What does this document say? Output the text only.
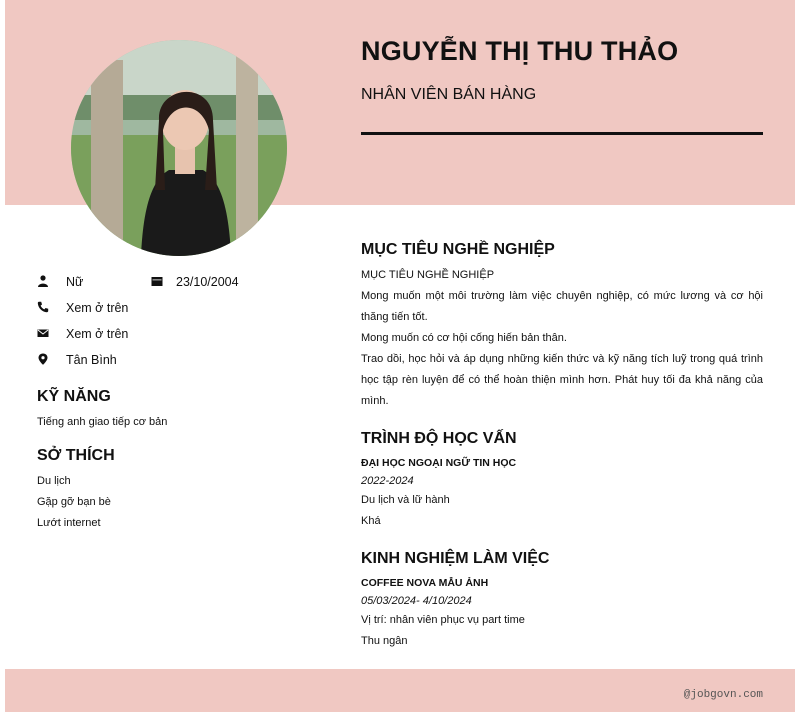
NGUYỄN THỊ THU THẢO
NHÂN VIÊN BÁN HÀNG
Nữ	23/10/2004
Xem ở trên
Xem ở trên
Tân Bình
KỸ NĂNG
Tiếng anh giao tiếp cơ bản
SỞ THÍCH
Du lịch
Gặp gỡ bạn bè
Lướt internet
MỤC TIÊU NGHỀ NGHIỆP

MỤC TIÊU NGHỀ NGHIỆP

Mong muốn một môi trường làm việc chuyên nghiệp, có mức lương và cơ hội thăng tiến tốt.

Mong muốn có cơ hội cống hiến bản thân.

Trao dồi, học hỏi và áp dụng những kiến thức và kỹ năng tích luỹ trong quá trình học tập rèn luyện để có thể hoàn thiện mình hơn. Phát huy tối đa khả năng của mình.

TRÌNH ĐỘ HỌC VẤN
ĐẠI HỌC NGOẠI NGỮ TIN HỌC
2022-2024
Du lịch và lữ hành
Khá
KINH NGHIỆM LÀM VIỆC
COFFEE NOVA MẪU ẢNH
05/03/2024- 4/10/2024
Vị trí: nhân viên phục vụ part time
Thu ngân
@jobgovn.com
